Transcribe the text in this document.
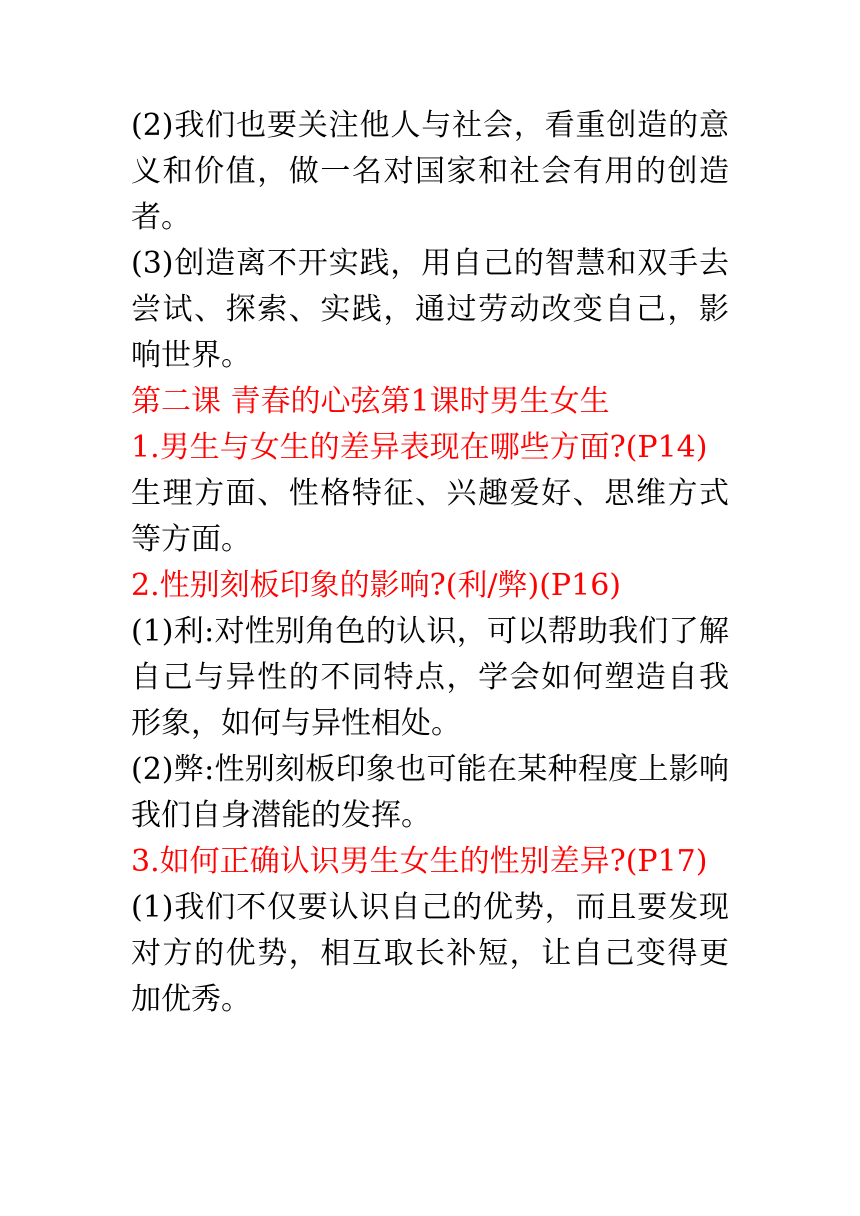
(2)我们也要关注他人与社会，看重创造的意义和价值，做一名对国家和社会有用的创造者。

(3)创造离不开实践，用自己的智慧和双手去尝试、探索、实践，通过劳动改变自己，影响世界。

第二课 青春的心弦第1课时男生女生

1.男生与女生的差异表现在哪些方面?(P14)

生理方面、性格特征、兴趣爱好、思维方式等方面。

2.性别刻板印象的影响?(利/弊)(P16)

(1)利:对性别角色的认识，可以帮助我们了解自己与异性的不同特点，学会如何塑造自我形象，如何与异性相处。

(2)弊:性别刻板印象也可能在某种程度上影响我们自身潜能的发挥。

3.如何正确认识男生女生的性别差异?(P17)

(1)我们不仅要认识自己的优势，而且要发现对方的优势，相互取长补短，让自己变得更加优秀。
